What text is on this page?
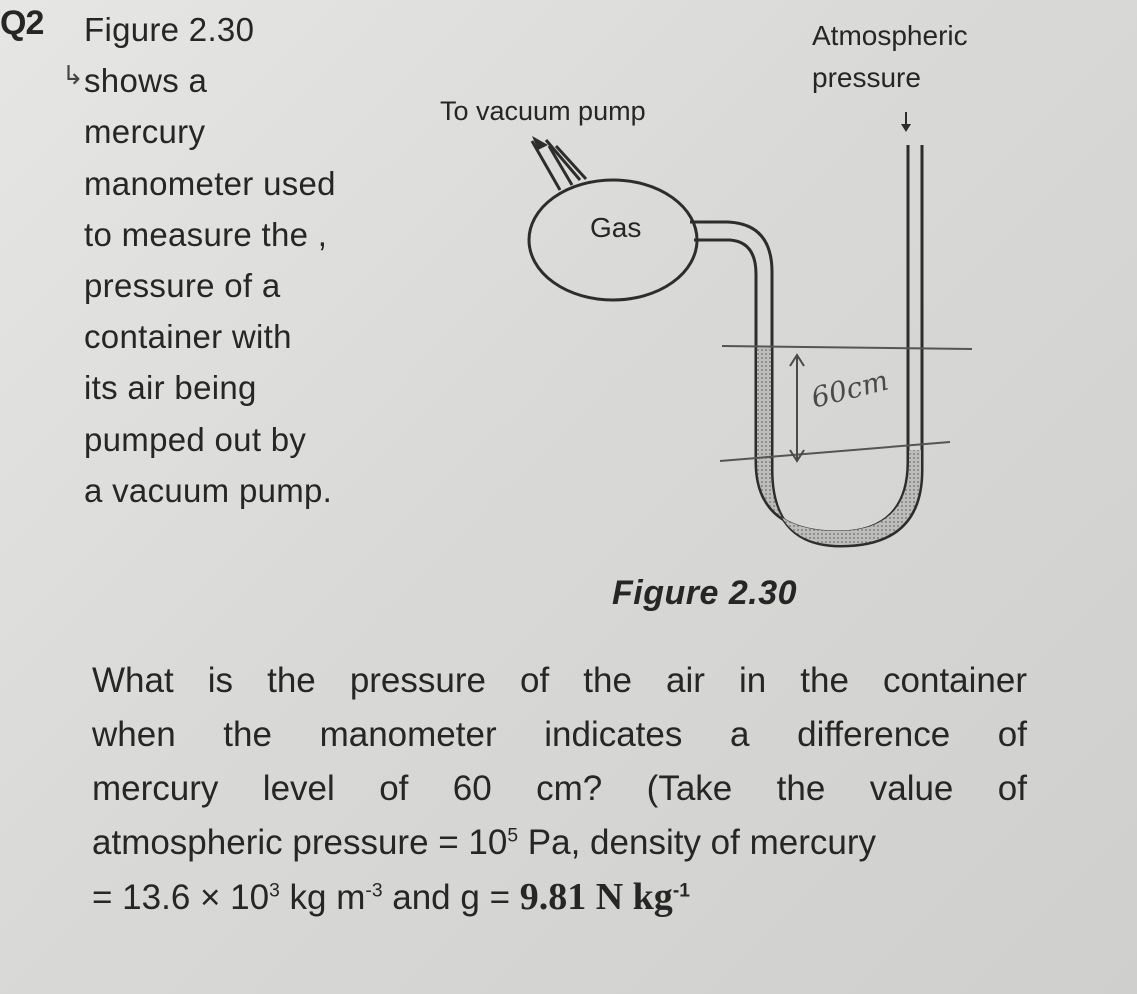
Q2
↳
Figure 2.30
shows a
mercury
manometer used
to measure the ,
pressure of a
container with
its air being
pumped out by
a vacuum pump.
Atmospheric
pressure
To vacuum pump
Gas
60cm
Figure 2.30
What is the pressure of the air in the container
when the manometer indicates a difference of
mercury level of 60 cm? (Take the value of
atmospheric pressure = $10^5$ Pa, density of mercury
= $13.6 \times 10^3$ kg $m^{-3}$ and g = 9.81 N $kg^{-1}$
